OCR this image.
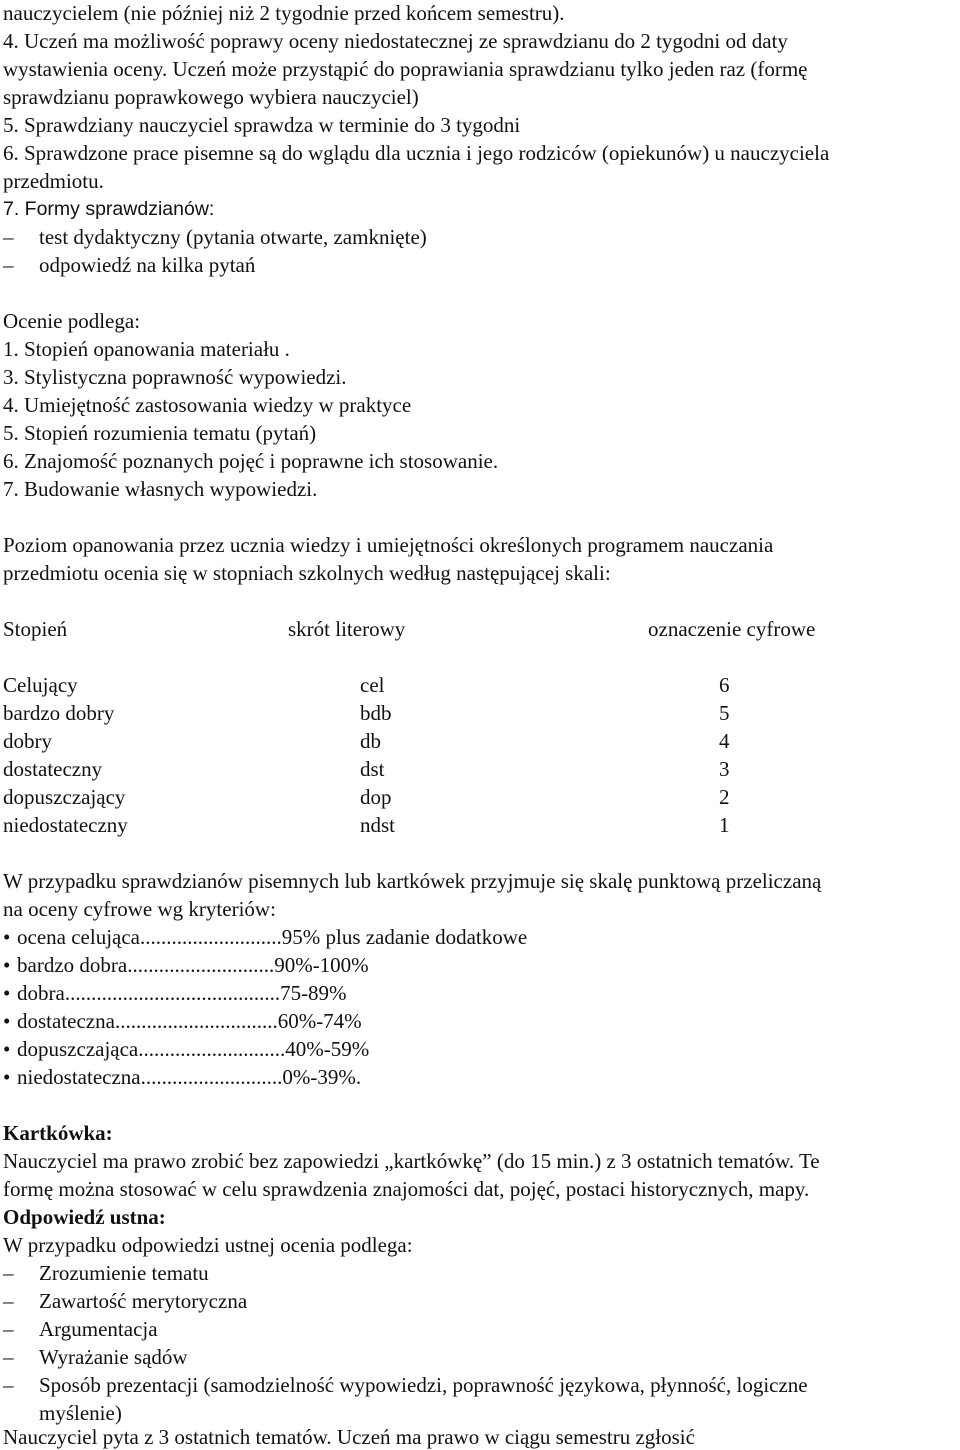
nauczycielem (nie później niż 2 tygodnie przed końcem semestru).
4. Uczeń ma możliwość poprawy oceny niedostatecznej ze sprawdzianu do 2 tygodni od daty
wystawienia oceny. Uczeń może przystąpić do poprawiania sprawdzianu tylko jeden raz (formę
sprawdzianu poprawkowego wybiera nauczyciel)
5. Sprawdziany nauczyciel sprawdza w terminie do 3 tygodni
6. Sprawdzone prace pisemne są do wglądu dla ucznia i jego rodziców (opiekunów) u nauczyciela
przedmiotu.
7. Formy sprawdzianów:
– test dydaktyczny (pytania otwarte, zamknięte)
– odpowiedź na kilka pytań
Ocenie podlega:
1. Stopień opanowania materiału .
3. Stylistyczna poprawność wypowiedzi.
4. Umiejętność zastosowania wiedzy w praktyce
5. Stopień rozumienia tematu (pytań)
6. Znajomość poznanych pojęć i poprawne ich stosowanie.
7. Budowanie własnych wypowiedzi.
Poziom opanowania przez ucznia wiedzy i umiejętności określonych programem nauczania
przedmiotu ocenia się w stopniach szkolnych według następującej skali:
Stopień	skrót literowy	oznaczenie cyfrowe
Celujący	cel	6
bardzo dobry	bdb	5
dobry	db	4
dostateczny	dst	3
dopuszczający	dop	2
niedostateczny	ndst	1
W przypadku sprawdzianów pisemnych lub kartkówek przyjmuje się skalę punktową przeliczaną
na oceny cyfrowe wg kryteriów:
• ocena celująca...........................95% plus zadanie dodatkowe
• bardzo dobra............................90%-100%
• dobra.........................................75-89%
• dostateczna...............................60%-74%
• dopuszczająca............................40%-59%
• niedostateczna...........................0%-39%.
Kartkówka:
Nauczyciel ma prawo zrobić bez zapowiedzi „kartkówkę” (do 15 min.) z 3 ostatnich tematów. Te
formę można stosować w celu sprawdzenia znajomości dat, pojęć, postaci historycznych, mapy.
Odpowiedź ustna:
W przypadku odpowiedzi ustnej ocenia podlega:
– Zrozumienie tematu
– Zawartość merytoryczna
– Argumentacja
– Wyrażanie sądów
– Sposób prezentacji (samodzielność wypowiedzi, poprawność językowa, płynność, logiczne
myślenie)
Nauczyciel pyta z 3 ostatnich tematów. Uczeń ma prawo w ciągu semestru zgłosić
